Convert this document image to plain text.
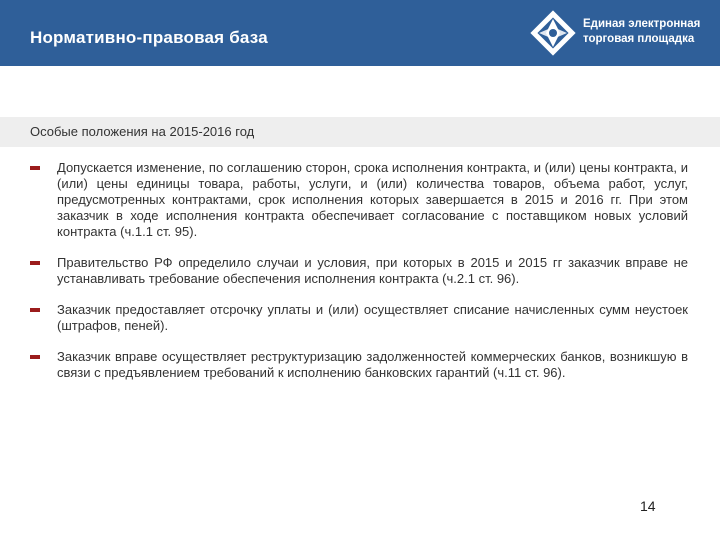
Нормативно-правовая база
Единая электронная
торговая площадка
Особые положения на 2015-2016 год
Допускается изменение, по соглашению сторон, срока исполнения контракта, и (или) цены контракта, и (или) цены единицы товара, работы, услуги, и (или) количества товаров, объема работ, услуг, предусмотренных контрактами, срок исполнения которых завершается в 2015 и 2016 гг. При этом заказчик в ходе исполнения контракта обеспечивает согласование с поставщиком новых условий контракта (ч.1.1 ст. 95).
Правительство РФ определило случаи и условия, при которых в 2015 и 2015 гг заказчик вправе не устанавливать требование обеспечения исполнения контракта (ч.2.1 ст. 96).
Заказчик предоставляет отсрочку уплаты и (или) осуществляет списание начисленных сумм неустоек (штрафов, пеней).
Заказчик вправе осуществляет реструктуризацию задолженностей коммерческих банков, возникшую в связи с предъявлением требований к исполнению банковских гарантий (ч.11 ст. 96).
14
